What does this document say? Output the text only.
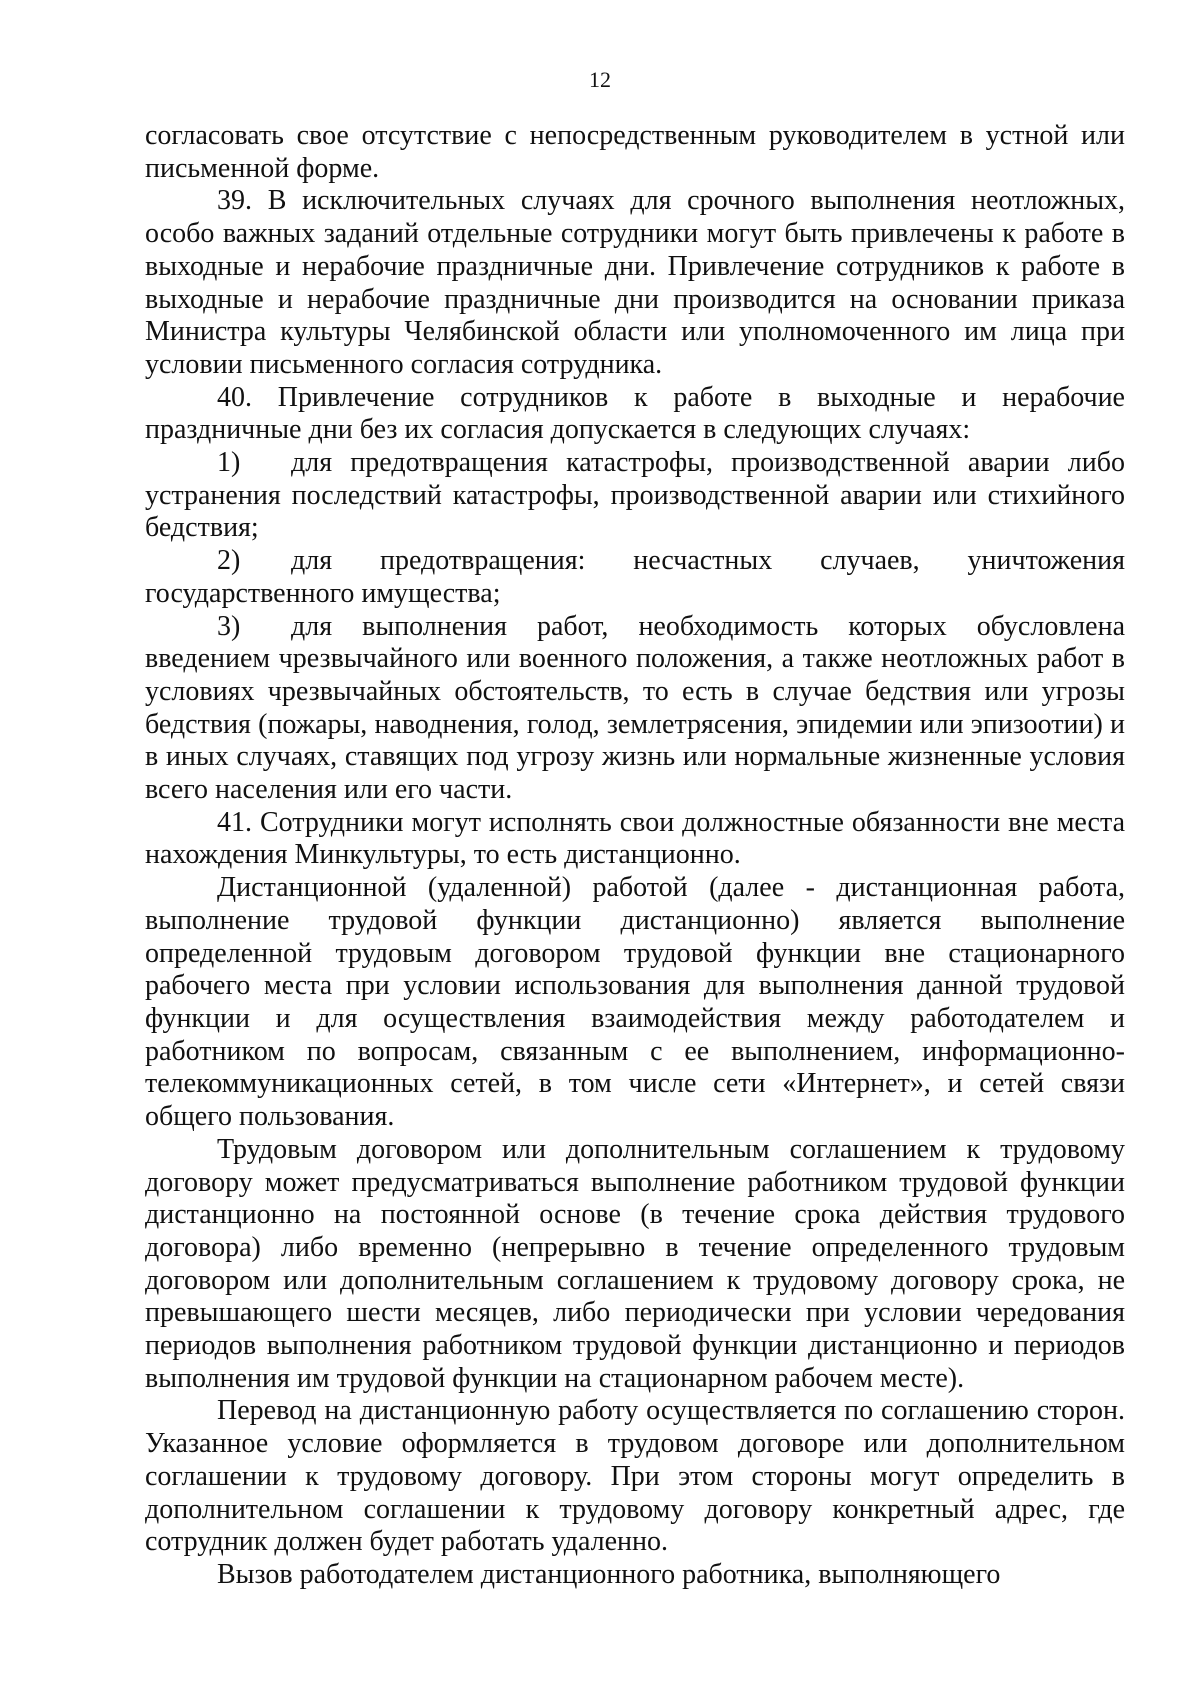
12

согласовать свое отсутствие с непосредственным руководителем в устной или письменной форме.

39. В исключительных случаях для срочного выполнения неотложных, особо важных заданий отдельные сотрудники могут быть привлечены к работе в выходные и нерабочие праздничные дни. Привлечение сотрудников к работе в выходные и нерабочие праздничные дни производится на основании приказа Министра культуры Челябинской области или уполномоченного им лица при условии письменного согласия сотрудника.

40. Привлечение сотрудников к работе в выходные и нерабочие праздничные дни без их согласия допускается в следующих случаях:

1) для предотвращения катастрофы, производственной аварии либо устранения последствий катастрофы, производственной аварии или стихийного бедствия;

2) для предотвращения: несчастных случаев, уничтожения государственного имущества;

3) для выполнения работ, необходимость которых обусловлена введением чрезвычайного или военного положения, а также неотложных работ в условиях чрезвычайных обстоятельств, то есть в случае бедствия или угрозы бедствия (пожары, наводнения, голод, землетрясения, эпидемии или эпизоотии) и в иных случаях, ставящих под угрозу жизнь или нормальные жизненные условия всего населения или его части.

41. Сотрудники могут исполнять свои должностные обязанности вне места нахождения Минкультуры, то есть дистанционно.

Дистанционной (удаленной) работой (далее - дистанционная работа, выполнение трудовой функции дистанционно) является выполнение определенной трудовым договором трудовой функции вне стационарного рабочего места при условии использования для выполнения данной трудовой функции и для осуществления взаимодействия между работодателем и работником по вопросам, связанным с ее выполнением, информационно-телекоммуникационных сетей, в том числе сети «Интернет», и сетей связи общего пользования.

Трудовым договором или дополнительным соглашением к трудовому договору может предусматриваться выполнение работником трудовой функции дистанционно на постоянной основе (в течение срока действия трудового договора) либо временно (непрерывно в течение определенного трудовым договором или дополнительным соглашением к трудовому договору срока, не превышающего шести месяцев, либо периодически при условии чередования периодов выполнения работником трудовой функции дистанционно и периодов выполнения им трудовой функции на стационарном рабочем месте).

Перевод на дистанционную работу осуществляется по соглашению сторон. Указанное условие оформляется в трудовом договоре или дополнительном соглашении к трудовому договору. При этом стороны могут определить в дополнительном соглашении к трудовому договору конкретный адрес, где сотрудник должен будет работать удаленно.

Вызов работодателем дистанционного работника, выполняющего
